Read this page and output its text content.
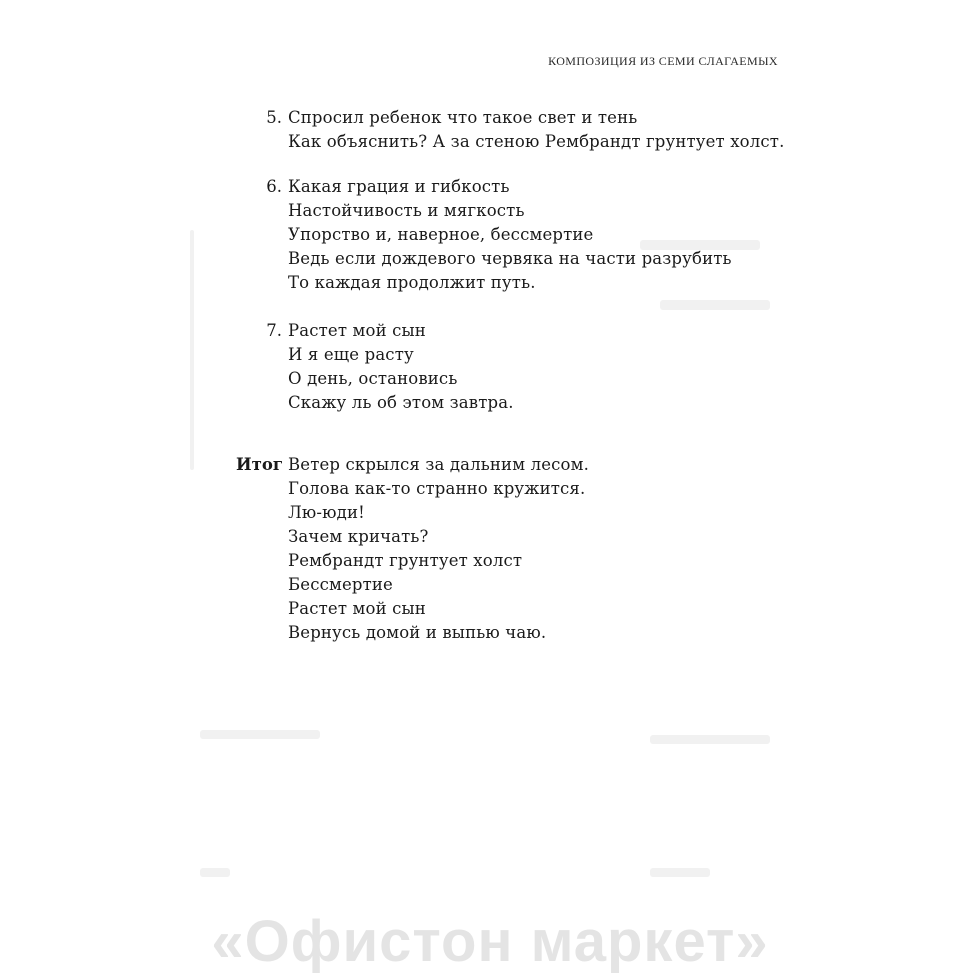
КОМПОЗИЦИЯ ИЗ СЕМИ СЛАГАЕМЫХ
5. Спросил ребенок что такое свет и тень
Как объяснить? А за стеною Рембрандт грунтует холст.
6. Какая грация и гибкость
Настойчивость и мягкость
Упорство и, наверное, бессмертие
Ведь если дождевого червяка на части разрубить
То каждая продолжит путь.
7. Растет мой сын
И я еще расту
О день, остановись
Скажу ль об этом завтра.
Итог Ветер скрылся за дальним лесом.
Голова как-то странно кружится.
Лю-юди!
Зачем кричать?
Рембрандт грунтует холст
Бессмертие
Растет мой сын
Вернусь домой и выпью чаю.
«Офистон маркет»
